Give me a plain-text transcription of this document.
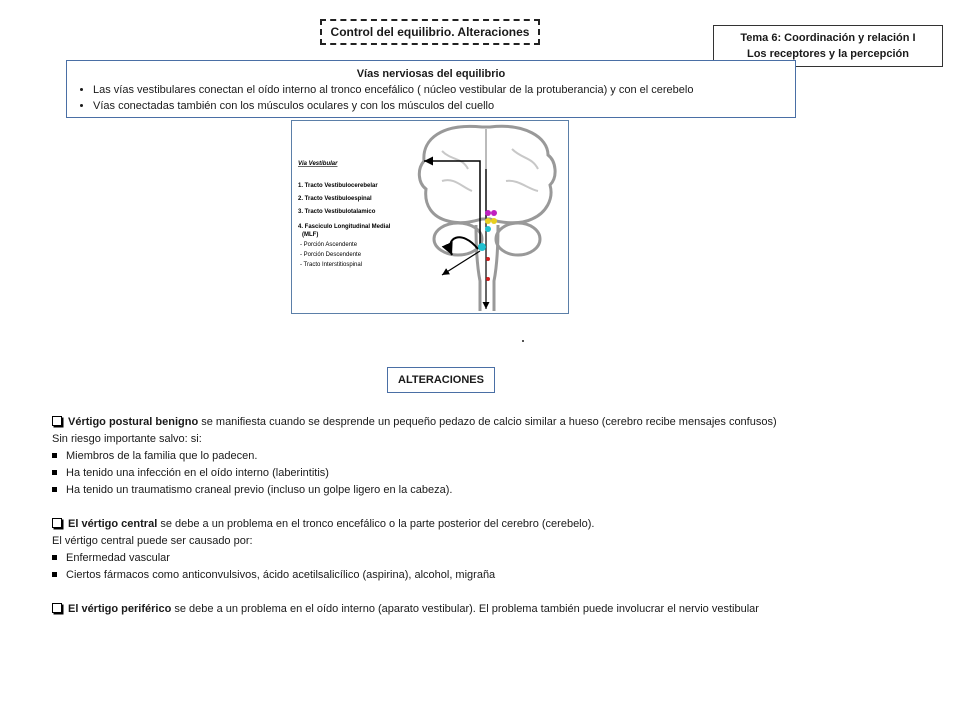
Control del equilibrio. Alteraciones	Tema 6: Coordinación y relación I
Los receptores y la percepción
Vías nerviosas del equilibrio
• Las vías vestibulares conectan el oído interno al tronco encefálico ( núcleo vestibular de la protuberancia) y con el cerebelo
• Vías conectadas también con los músculos oculares y con los músculos del cuello
Vía Vestibular
1. Tracto Vestibulocerebelar
2. Tracto Vestibuloespinal
3. Tracto Vestibulotalamico
4. Fasciculo Longitudinal Medial
(MLF)
- Porción Ascendente
- Porción Descendente
- Tracto Interstitiospinal
ALTERACIONES
Vértigo postural benigno se manifiesta cuando se desprende un pequeño pedazo de calcio similar a hueso (cerebro recibe mensajes confusos)
Sin riesgo importante salvo: si:
Miembros de la familia que lo padecen.
Ha tenido una infección en el oído interno (laberintitis)
Ha tenido un traumatismo craneal previo (incluso un golpe ligero en la cabeza).
El vértigo central se debe a un problema en el tronco encefálico o la parte posterior del cerebro (cerebelo).
El vértigo central puede ser causado por:
Enfermedad vascular
Ciertos fármacos como anticonvulsivos, ácido acetilsalicílico (aspirina), alcohol, migraña
El vértigo periférico se debe a un problema en el oído interno (aparato vestibular). El problema también puede involucrar el nervio vestibular
